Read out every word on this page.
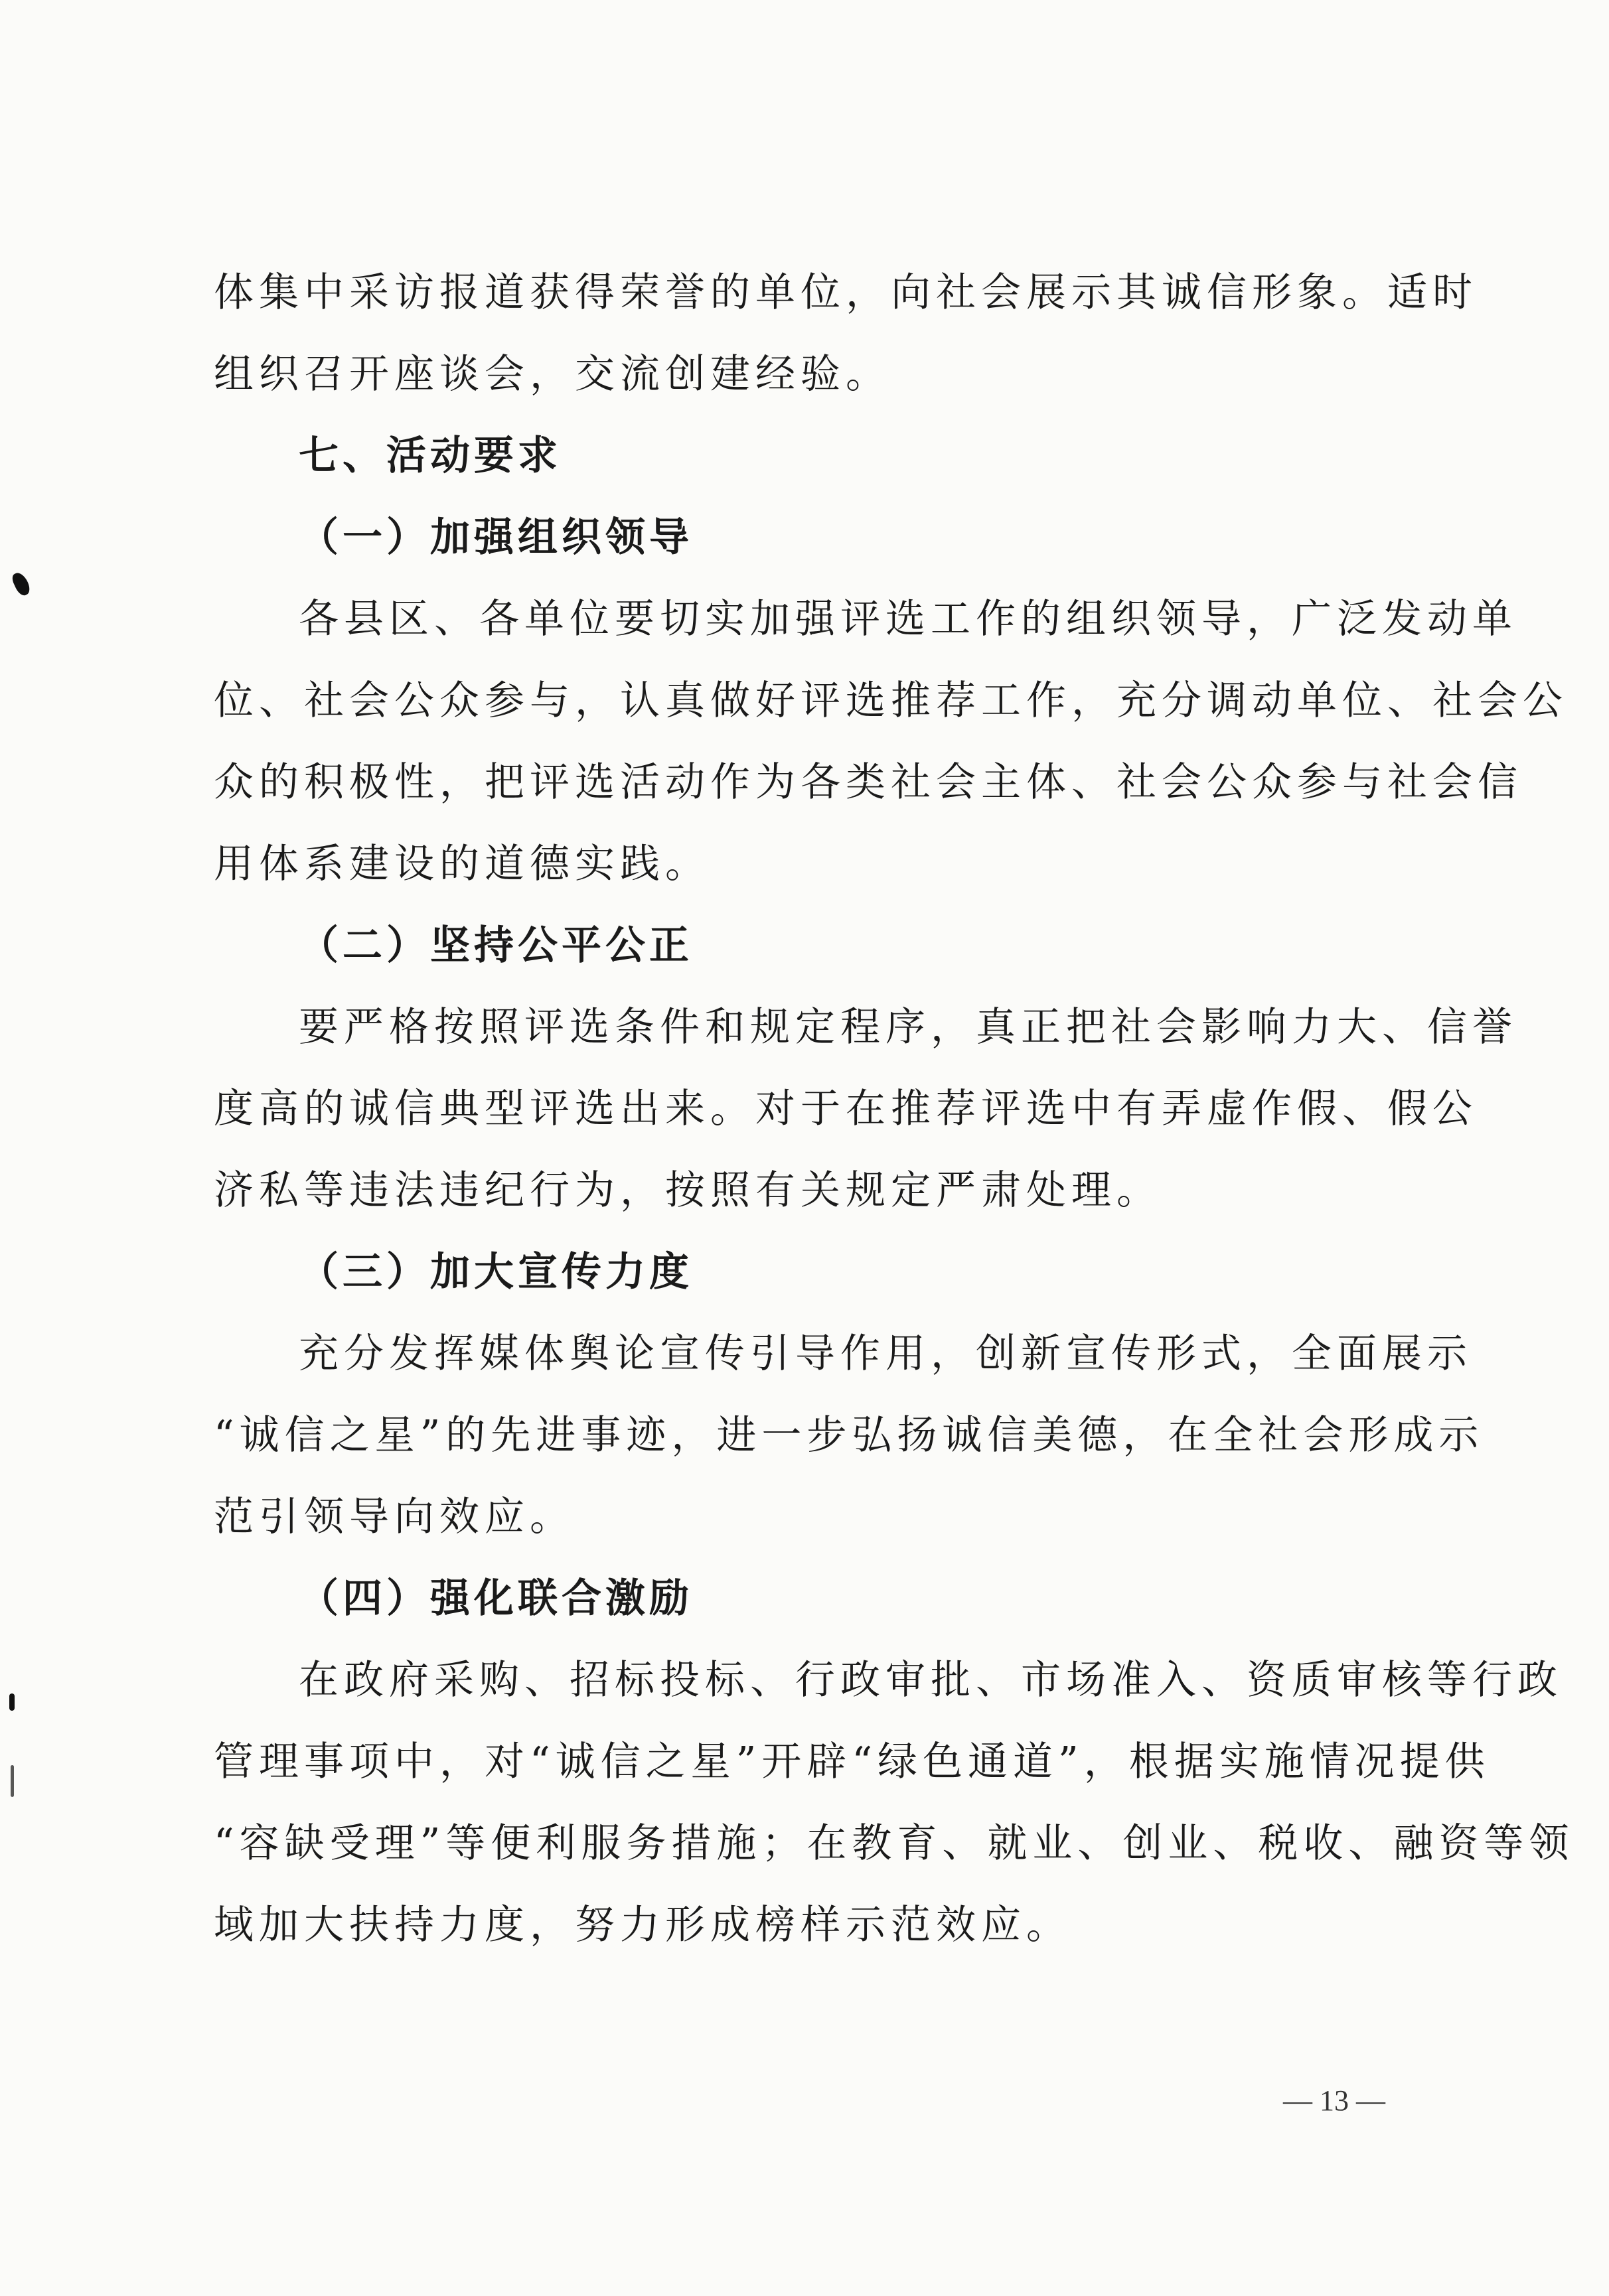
体集中采访报道获得荣誉的单位，向社会展示其诚信形象。适时
组织召开座谈会，交流创建经验。
七、活动要求
（一）加强组织领导
各县区、各单位要切实加强评选工作的组织领导，广泛发动单
位、社会公众参与，认真做好评选推荐工作，充分调动单位、社会公
众的积极性，把评选活动作为各类社会主体、社会公众参与社会信
用体系建设的道德实践。
（二）坚持公平公正
要严格按照评选条件和规定程序，真正把社会影响力大、信誉
度高的诚信典型评选出来。对于在推荐评选中有弄虚作假、假公
济私等违法违纪行为，按照有关规定严肃处理。
（三）加大宣传力度
充分发挥媒体舆论宣传引导作用，创新宣传形式，全面展示
“诚信之星”的先进事迹，进一步弘扬诚信美德，在全社会形成示
范引领导向效应。
（四）强化联合激励
在政府采购、招标投标、行政审批、市场准入、资质审核等行政
管理事项中，对“诚信之星”开辟“绿色通道”，根据实施情况提供
“容缺受理”等便利服务措施；在教育、就业、创业、税收、融资等领
域加大扶持力度，努力形成榜样示范效应。
— 13 —
